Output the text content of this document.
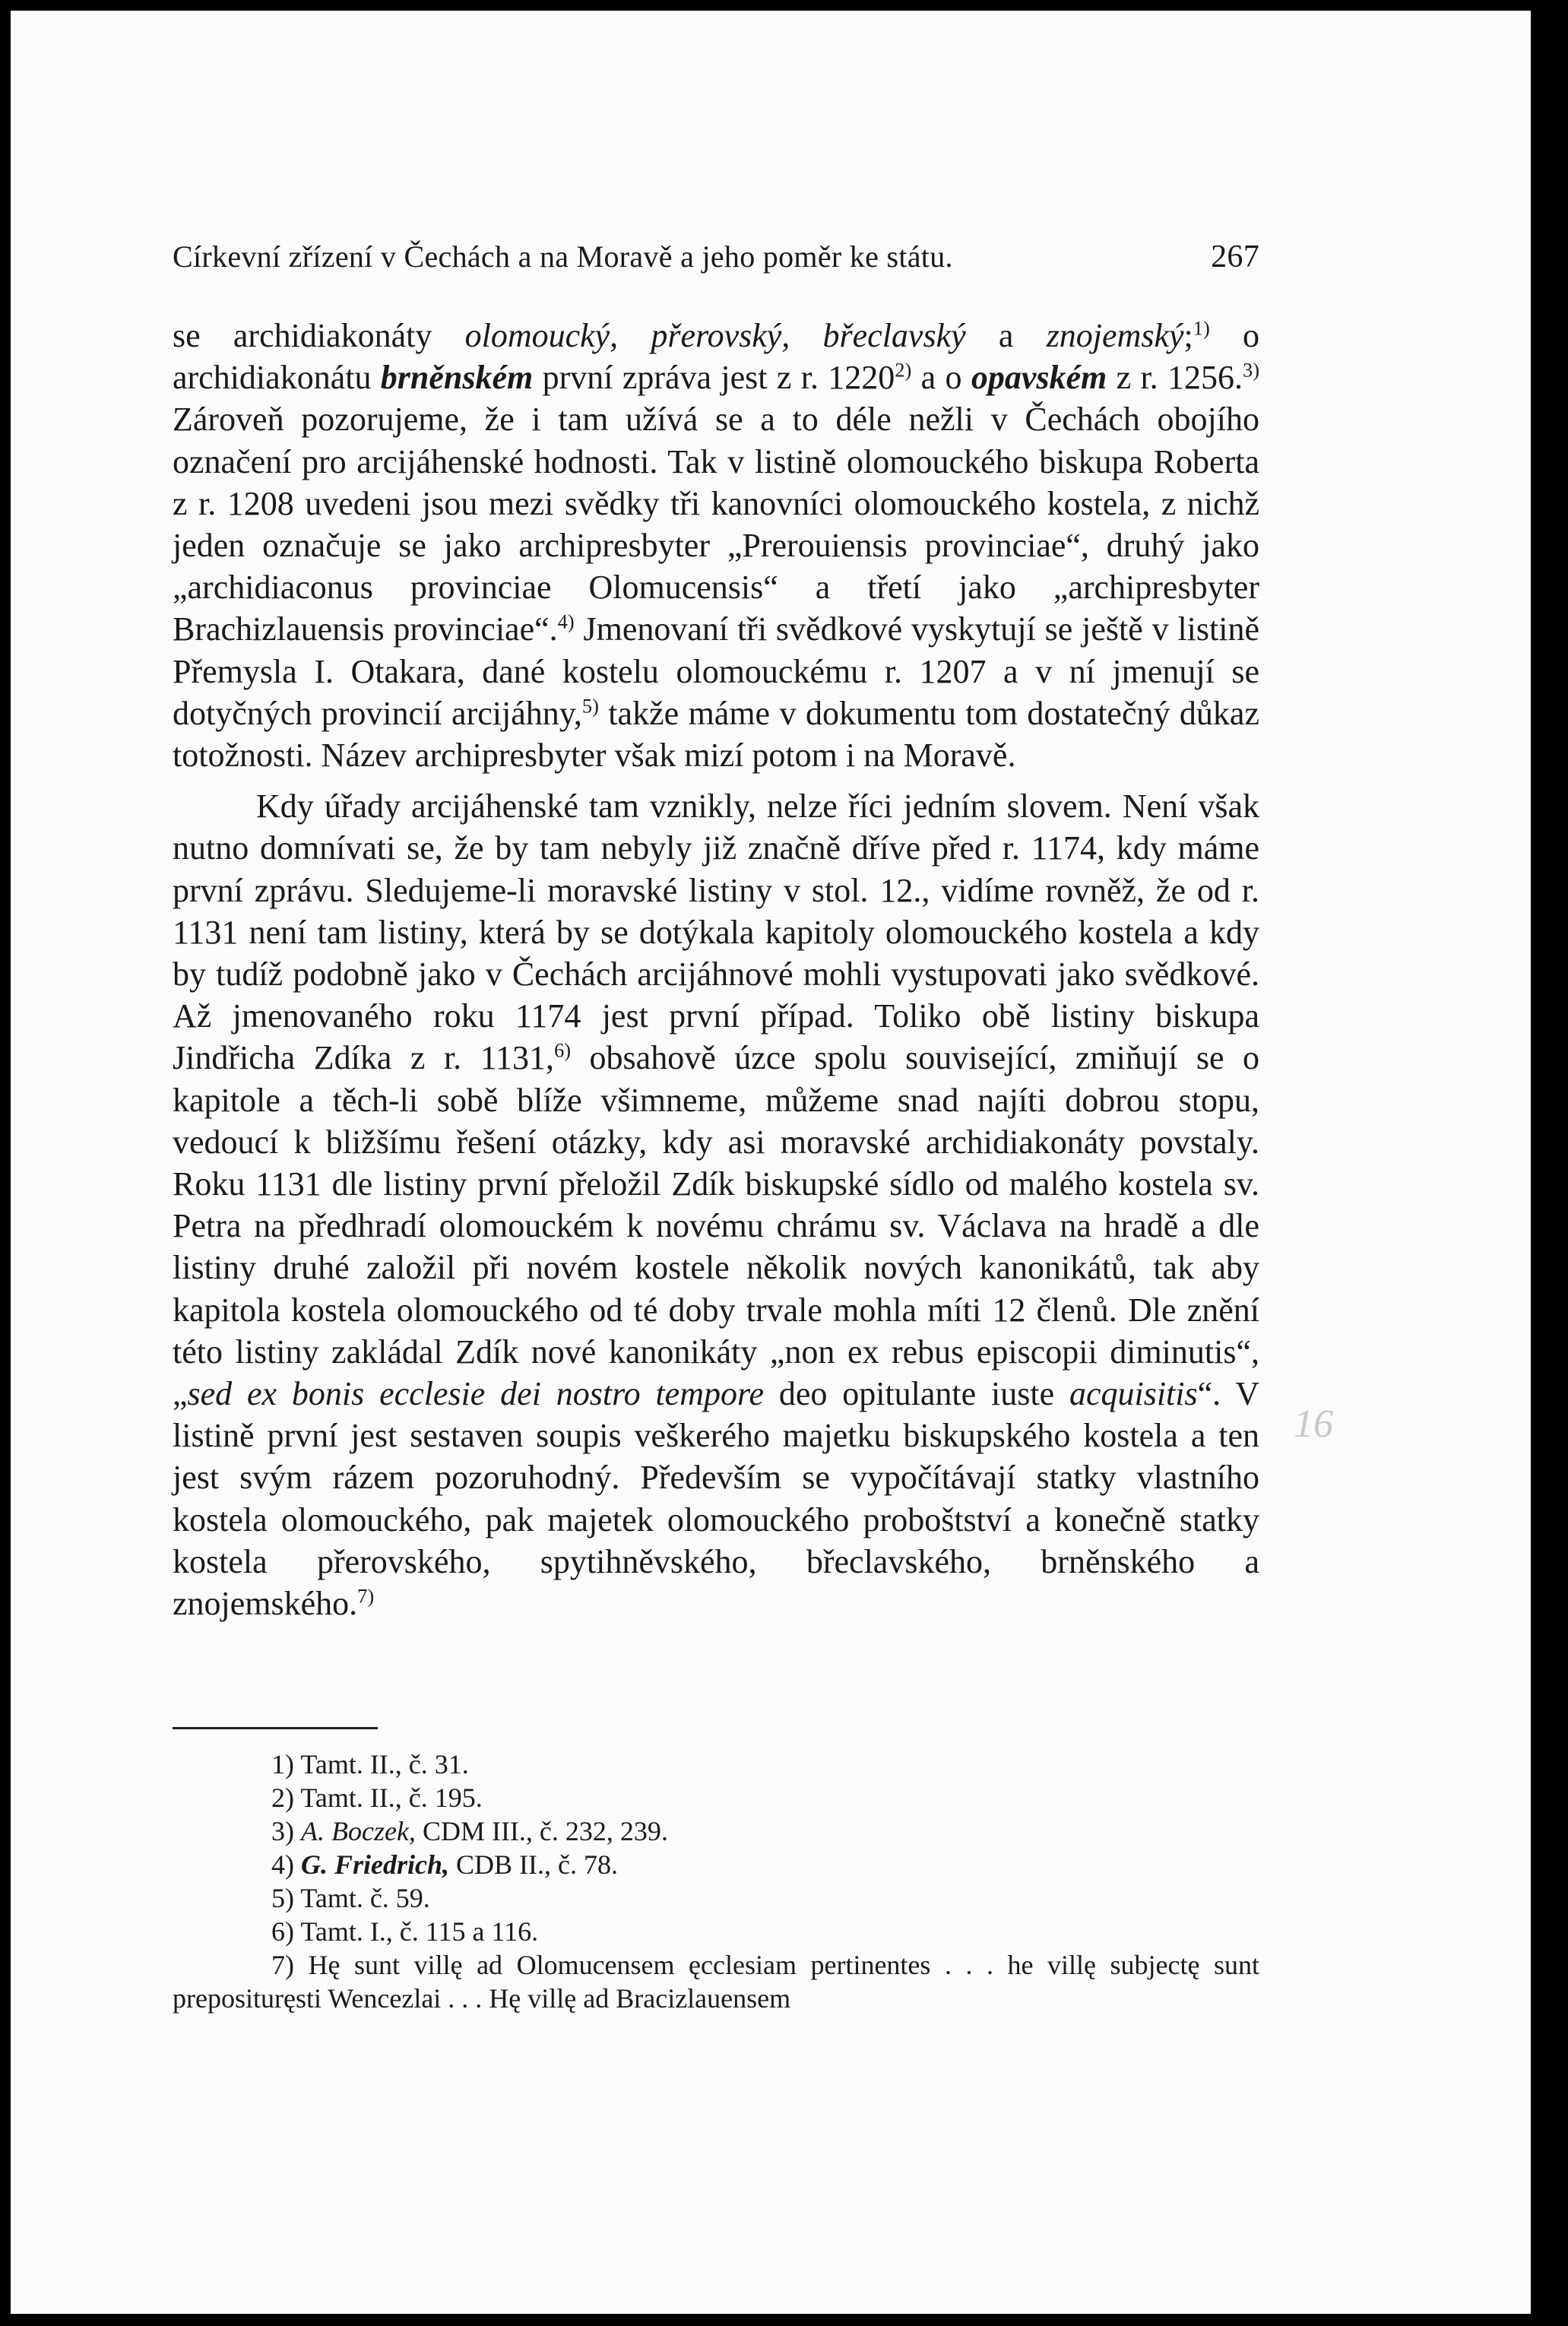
Církevní zřízení v Čechách a na Moravě a jeho poměr ke státu.	267

se archidiakonáty olomoucký, přerovský, břeclavský a znojemský;$^{1)}$ o archidiakonátu brněnském první zpráva jest z r. 1220$^{2)}$ a o opavském z r. 1256.$^{3)}$ Zároveň pozorujeme, že i tam užívá se a to déle nežli v Čechách obojího označení pro arcijáhenské hodnosti. Tak v listině olomouckého biskupa Roberta z r. 1208 uvedeni jsou mezi svědky tři kanovníci olomouckého kostela, z nichž jeden označuje se jako archipresbyter „Prerouiensis provinciae“, druhý jako „archidiaconus provinciae Olomucensis“ a třetí jako „archipresbyter Brachizlauensis provinciae“.$^{4)}$ Jmenovaní tři svědkové vyskytují se ještě v listině Přemysla I. Otakara, dané kostelu olomouckému r. 1207 a v ní jmenují se dotyčných provincií arcijáhny,$^{5)}$ takže máme v dokumentu tom dostatečný důkaz totožnosti. Název archipresbyter však mizí potom i na Moravě.

Kdy úřady arcijáhenské tam vznikly, nelze říci jedním slovem. Není však nutno domnívati se, že by tam nebyly již značně dříve před r. 1174, kdy máme první zprávu. Sledujeme-li moravské listiny v stol. 12., vidíme rovněž, že od r. 1131 není tam listiny, která by se dotýkala kapitoly olomouckého kostela a kdy by tudíž podobně jako v Čechách arcijáhnové mohli vystupovati jako svědkové. Až jmenovaného roku 1174 jest první případ. Toliko obě listiny biskupa Jindřicha Zdíka z r. 1131,$^{6)}$ obsahově úzce spolu související, zmiňují se o kapitole a těch-li sobě blíže všimneme, můžeme snad najíti dobrou stopu, vedoucí k bližšímu řešení otázky, kdy asi moravské archidiakonáty povstaly. Roku 1131 dle listiny první přeložil Zdík biskupské sídlo od malého kostela sv. Petra na předhradí olomouckém k novému chrámu sv. Václava na hradě a dle listiny druhé založil při novém kostele několik nových kanonikátů, tak aby kapitola kostela olomouckého od té doby trvale mohla míti 12 členů. Dle znění této listiny zakládal Zdík nové kanonikáty „non ex rebus episcopii diminutis“, „sed ex bonis ecclesie dei nostro tempore deo opitulante iuste acquisitis“. V listině první jest sestaven soupis veškerého majetku biskupského kostela a ten jest svým rázem pozoruhodný. Především se vypočítávají statky vlastního kostela olomouckého, pak majetek olomouckého proboštství a konečně statky kostela přerovského, spytihněvského, břeclavského, brněnského a znojemského.$^{7)}$

1) Tamt. II., č. 31.
2) Tamt. II., č. 195.
3) A. Boczek, CDM III., č. 232, 239.
4) G. Friedrich, CDB II., č. 78.
5) Tamt. č. 59.
6) Tamt. I., č. 115 a 116.
7) Hę sunt villę ad Olomucensem ęcclesiam pertinentes . . . he villę subjectę sunt preposituręsti Wencezlai . . . Hę villę ad Bracizlauensem
16
